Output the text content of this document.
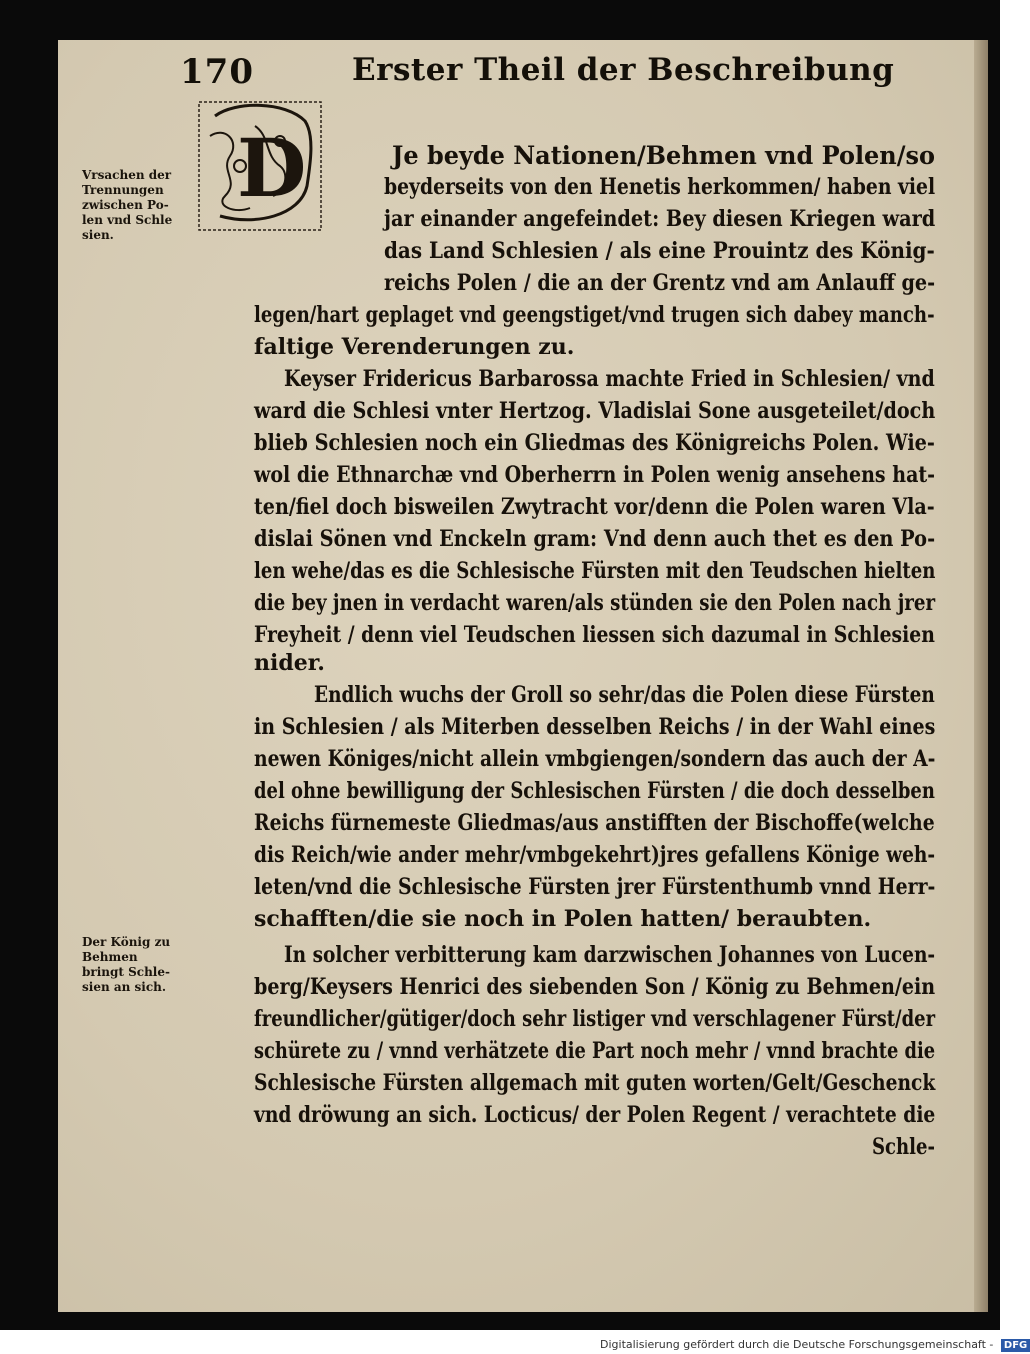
170	Erster Theil der Beschreibung
Vrsachen der
Trennungen
zwischen Po-
len vnd Schle
sien.
Der König zu
Behmen
bringt Schle-
sien an sich.
D	Je beyde Nationen/Behmen vnd Polen/so
beyderseits von den Henetis herkommen/ haben viel
jar einander angefeindet: Bey diesen Kriegen ward
das Land Schlesien / als eine Prouintz des König-
reichs Polen / die an der Grentz vnd am Anlauff ge-
legen/hart geplaget vnd geengstiget/vnd trugen sich dabey manch-
faltige Verenderungen zu.
Keyser Fridericus Barbarossa machte Fried in Schlesien/ vnd
ward die Schlesi vnter Hertzog. Vladislai Sone ausgeteilet/doch
blieb Schlesien noch ein Gliedmas des Königreichs Polen. Wie-
wol die Ethnarchæ vnd Oberherrn in Polen wenig ansehens hat-
ten/fiel doch bisweilen Zwytracht vor/denn die Polen waren Vla-
dislai Sönen vnd Enckeln gram: Vnd denn auch thet es den Po-
len wehe/das es die Schlesische Fürsten mit den Teudschen hielten
die bey jnen in verdacht waren/als stünden sie den Polen nach jrer
Freyheit / denn viel Teudschen liessen sich dazumal in Schlesien
nider.
Endlich wuchs der Groll so sehr/das die Polen diese Fürsten
in Schlesien / als Miterben desselben Reichs / in der Wahl eines
newen Königes/nicht allein vmbgiengen/sondern das auch der A-
del ohne bewilligung der Schlesischen Fürsten / die doch desselben
Reichs fürnemeste Gliedmas/aus anstifften der Bischoffe(welche
dis Reich/wie ander mehr/vmbgekehrt)jres gefallens Könige weh-
leten/vnd die Schlesische Fürsten jrer Fürstenthumb vnnd Herr-
schafften/die sie noch in Polen hatten/ beraubten.
In solcher verbitterung kam darzwischen Johannes von Lucen-
berg/Keysers Henrici des siebenden Son / König zu Behmen/ein
freundlicher/gütiger/doch sehr listiger vnd verschlagener Fürst/der
schürete zu / vnnd verhätzete die Part noch mehr / vnnd brachte die
Schlesische Fürsten allgemach mit guten worten/Gelt/Geschenck
vnd dröwung an sich. Locticus/ der Polen Regent / verachtete die
Schle-
Digitalisierung gefördert durch die Deutsche Forschungsgemeinschaft - DFG
